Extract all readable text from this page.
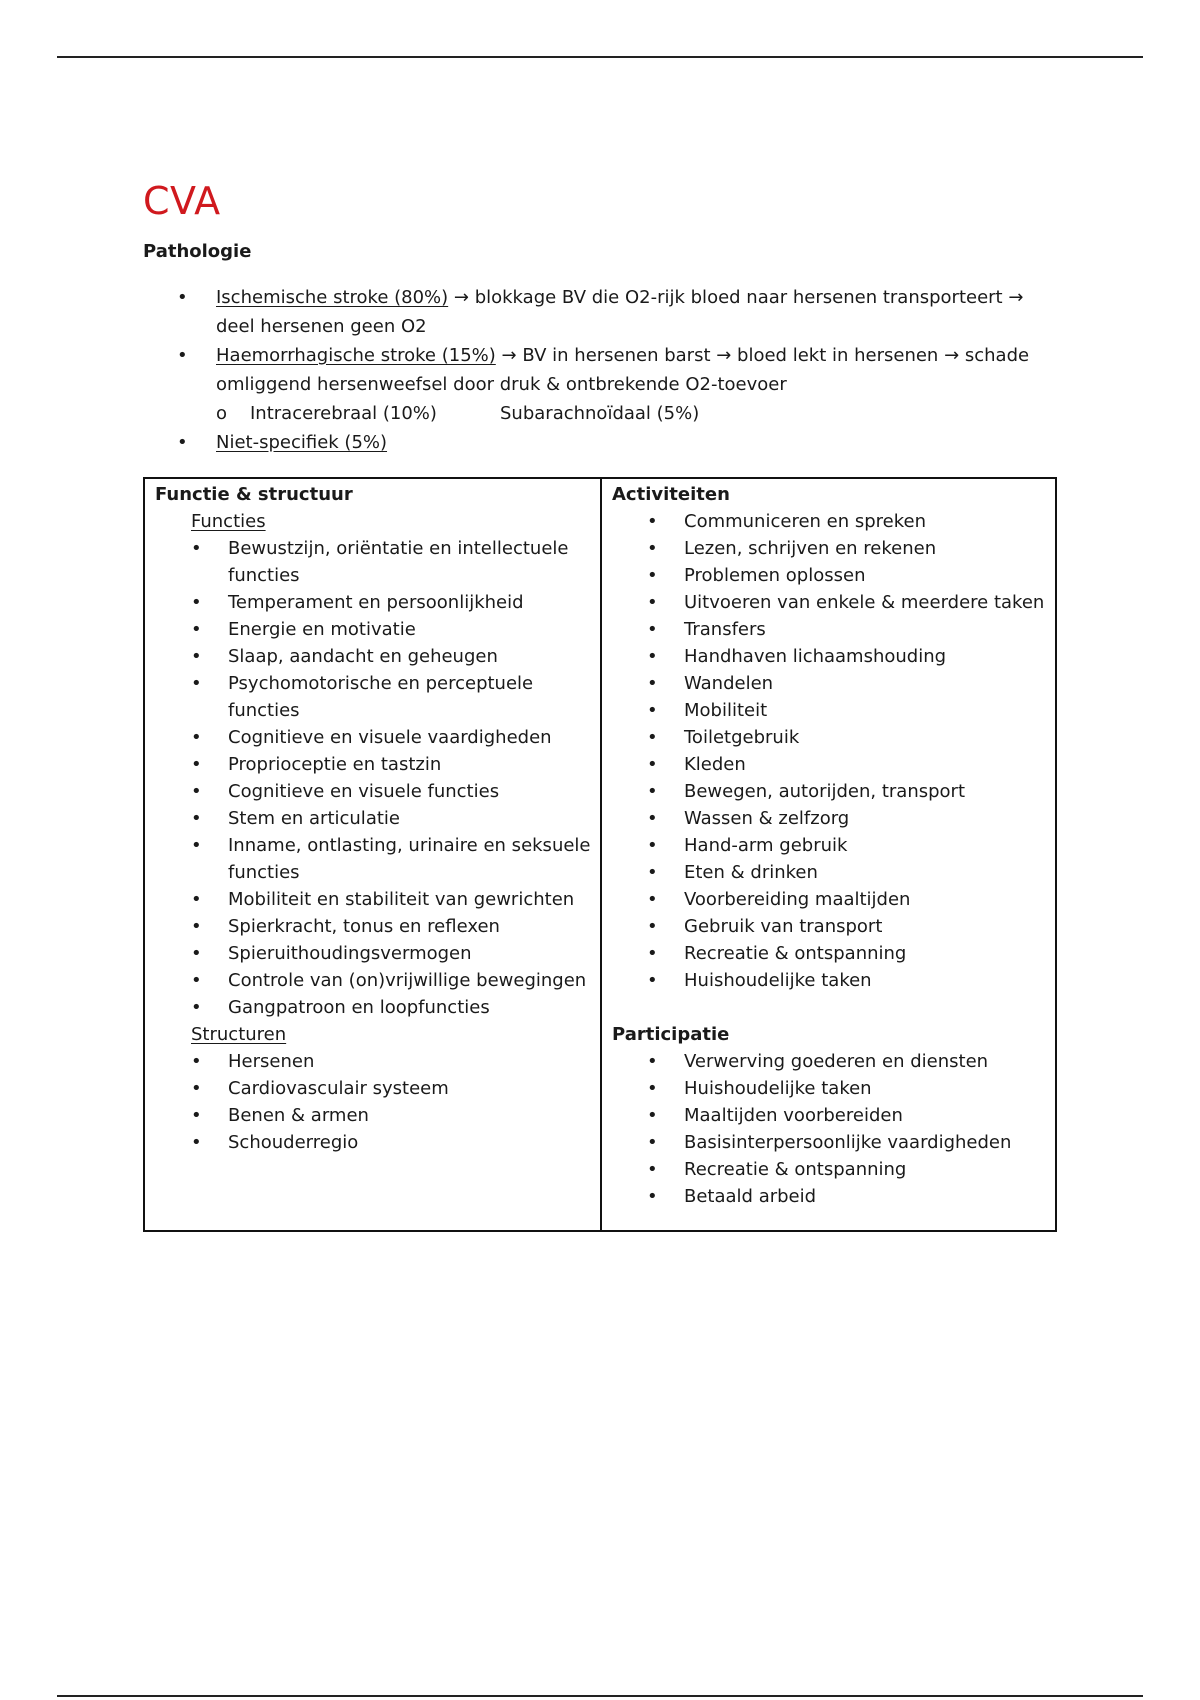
CVA
Pathologie
• Ischemische stroke (80%) → blokkage BV die O2-rijk bloed naar hersenen transporteert → deel hersenen geen O2
• Haemorrhagische stroke (15%) → BV in hersenen barst → bloed lekt in hersenen → schade omliggend hersenweefsel door druk & ontbrekende O2-toevoer
o Intracerebraal (10%)	Subarachnoïdaal (5%)

• Niet-specifiek (5%)
Functie & structuur
Functies
• Bewustzijn, oriëntatie en intellectuele functies
• Temperament en persoonlijkheid
• Energie en motivatie
• Slaap, aandacht en geheugen
• Psychomotorische en perceptuele functies
• Cognitieve en visuele vaardigheden
• Proprioceptie en tastzin
• Cognitieve en visuele functies
• Stem en articulatie
• Inname, ontlasting, urinaire en seksuele functies
• Mobiliteit en stabiliteit van gewrichten
• Spierkracht, tonus en reflexen
• Spieruithoudingsvermogen
• Controle van (on)vrijwillige bewegingen
• Gangpatroon en loopfuncties
Structuren
• Hersenen
• Cardiovasculair systeem
• Benen & armen
• Schouderregio

Activiteiten
• Communiceren en spreken
• Lezen, schrijven en rekenen
• Problemen oplossen
• Uitvoeren van enkele & meerdere taken
• Transfers
• Handhaven lichaamshouding
• Wandelen
• Mobiliteit
• Toiletgebruik
• Kleden
• Bewegen, autorijden, transport
• Wassen & zelfzorg
• Hand-arm gebruik
• Eten & drinken
• Voorbereiding maaltijden
• Gebruik van transport
• Recreatie & ontspanning
• Huishoudelijke taken
Participatie
• Verwerving goederen en diensten
• Huishoudelijke taken
• Maaltijden voorbereiden
• Basisinterpersoonlijke vaardigheden
• Recreatie & ontspanning
• Betaald arbeid
